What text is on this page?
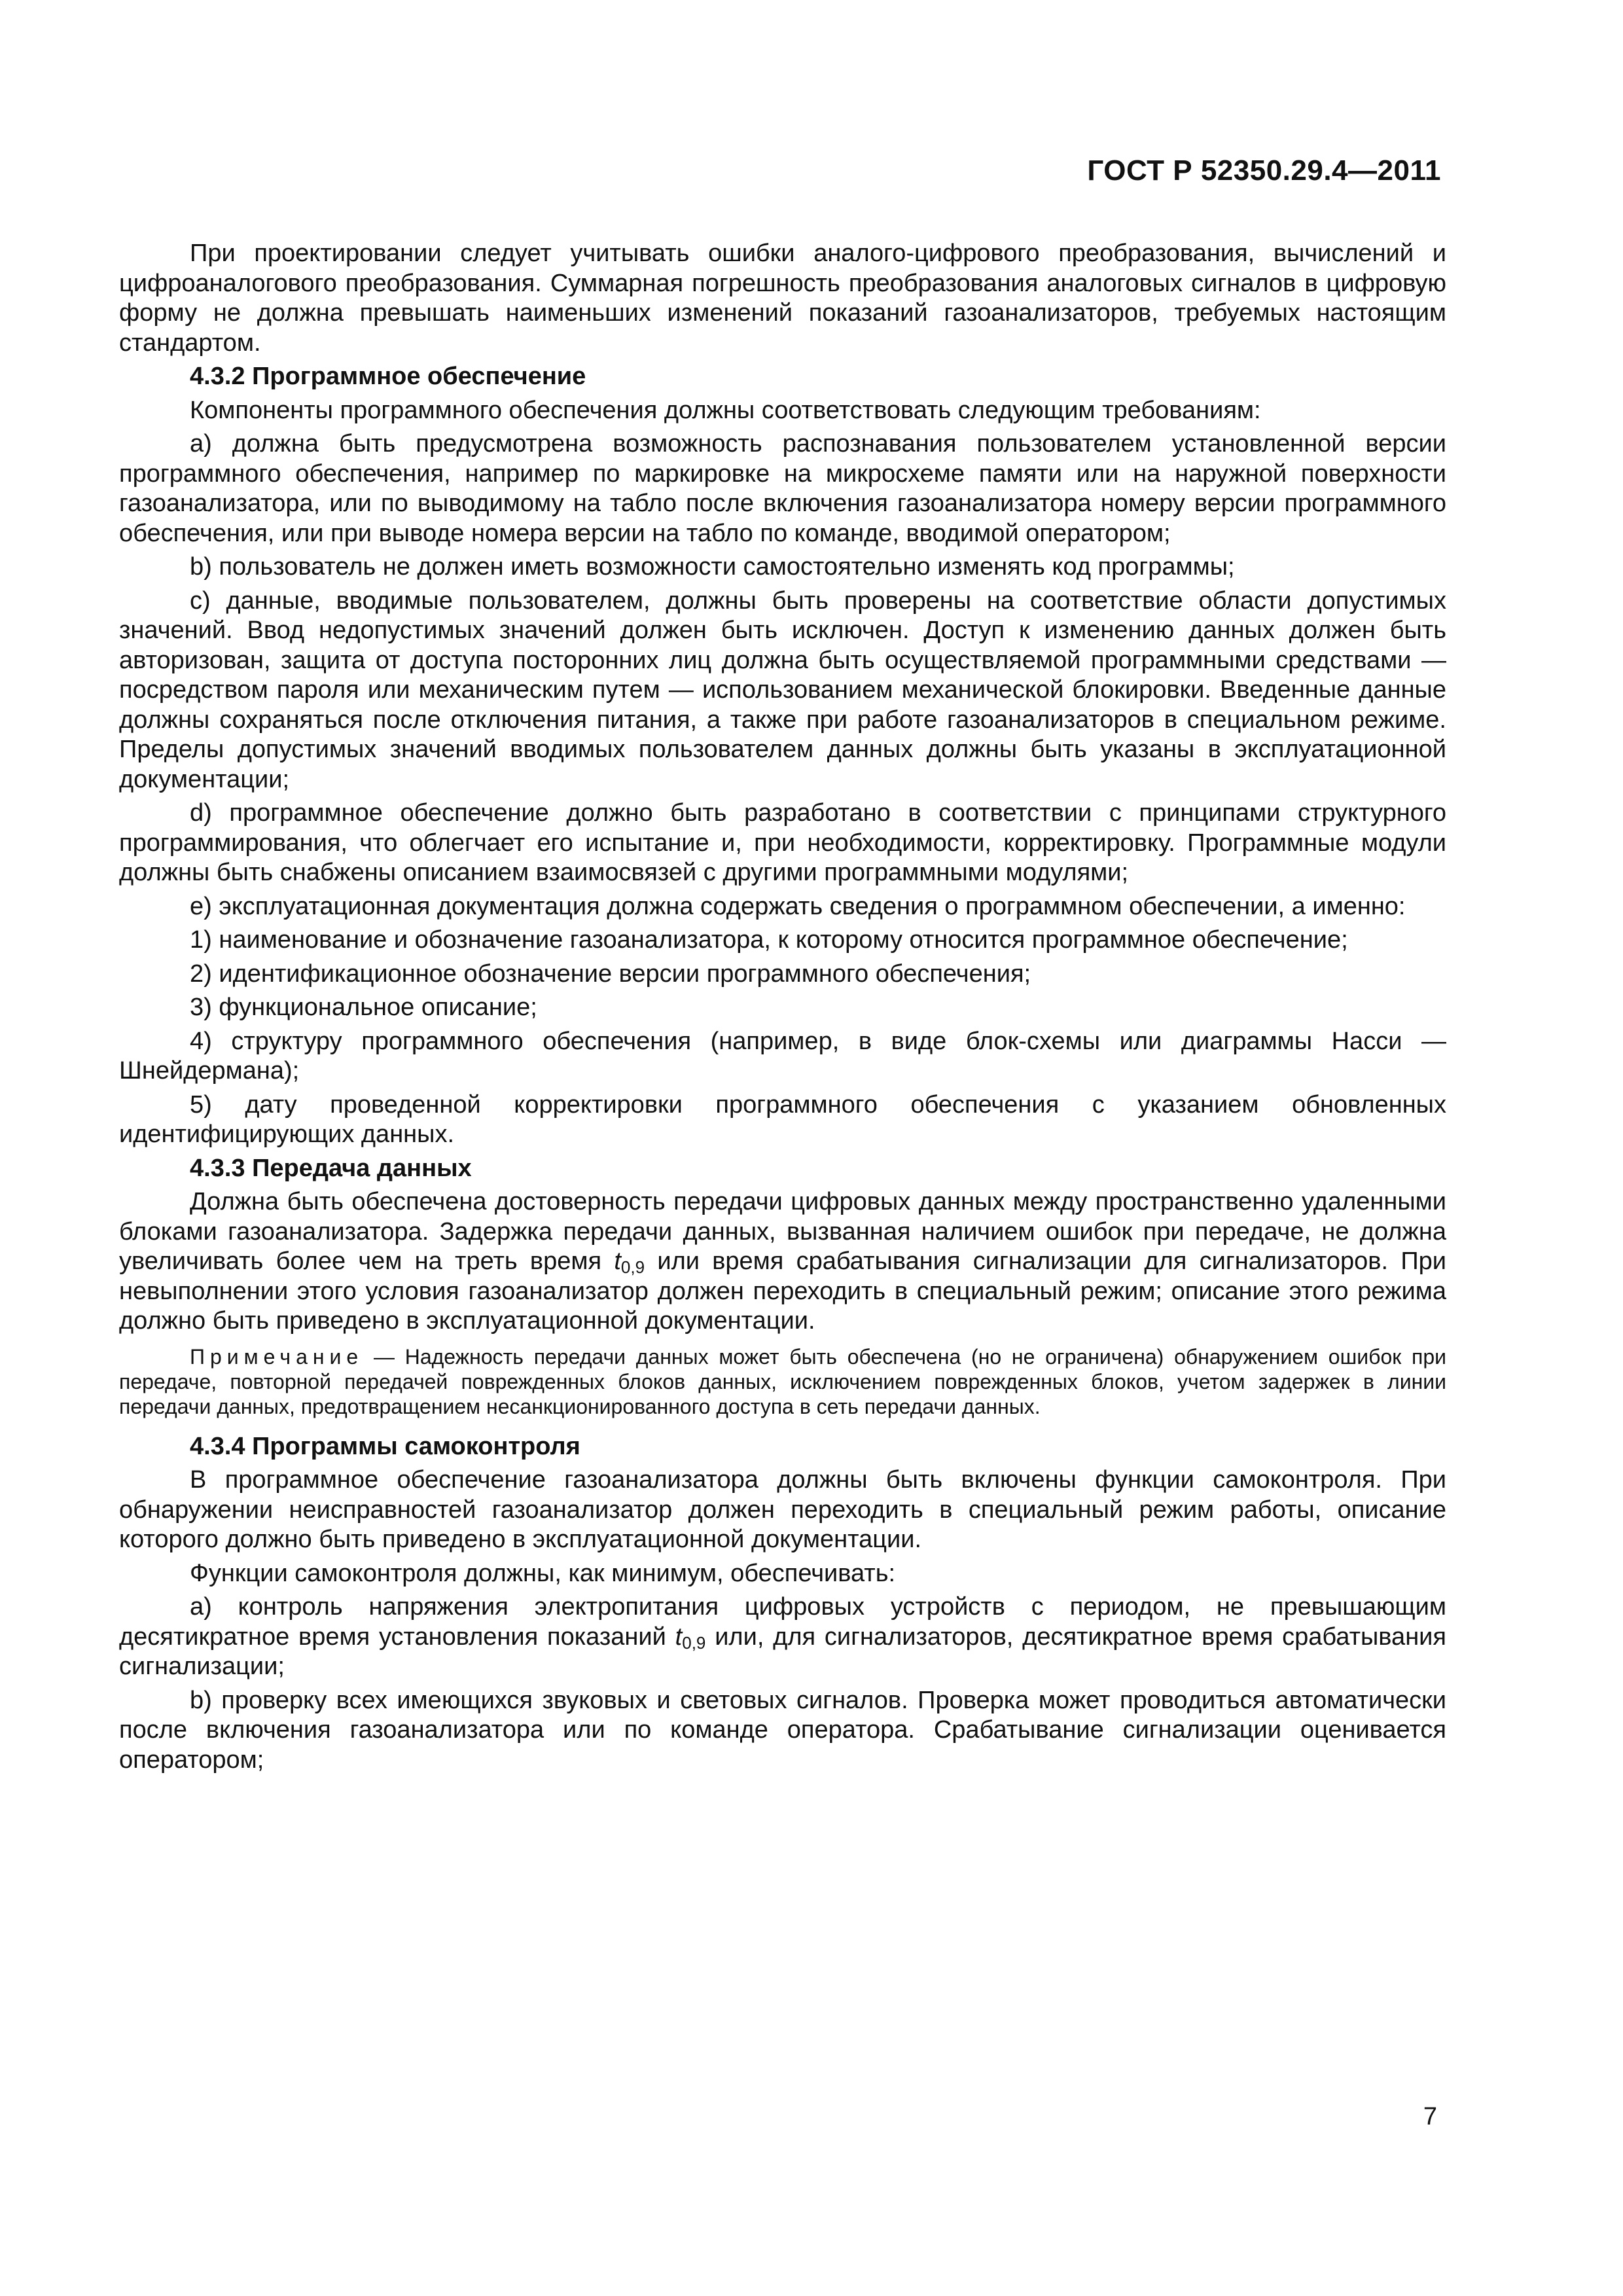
ГОСТ Р 52350.29.4—2011

При проектировании следует учитывать ошибки аналого-цифрового преобразования, вычислений и цифроаналогового преобразования. Суммарная погрешность преобразования аналоговых сигналов в цифровую форму не должна превышать наименьших изменений показаний газоанализаторов, требуемых настоящим стандартом.

4.3.2 Программное обеспечение

Компоненты программного обеспечения должны соответствовать следующим требованиям:

a) должна быть предусмотрена возможность распознавания пользователем установленной версии программного обеспечения, например по маркировке на микросхеме памяти или на наружной поверхности газоанализатора, или по выводимому на табло после включения газоанализатора номеру версии программного обеспечения, или при выводе номера версии на табло по команде, вводимой оператором;

b) пользователь не должен иметь возможности самостоятельно изменять код программы;

c) данные, вводимые пользователем, должны быть проверены на соответствие области допустимых значений. Ввод недопустимых значений должен быть исключен. Доступ к изменению данных должен быть авторизован, защита от доступа посторонних лиц должна быть осуществляемой программными средствами — посредством пароля или механическим путем — использованием механической блокировки. Введенные данные должны сохраняться после отключения питания, а также при работе газоанализаторов в специальном режиме. Пределы допустимых значений вводимых пользователем данных должны быть указаны в эксплуатационной документации;

d) программное обеспечение должно быть разработано в соответствии с принципами структурного программирования, что облегчает его испытание и, при необходимости, корректировку. Программные модули должны быть снабжены описанием взаимосвязей с другими программными модулями;

e) эксплуатационная документация должна содержать сведения о программном обеспечении, а именно:

1) наименование и обозначение газоанализатора, к которому относится программное обеспечение;

2) идентификационное обозначение версии программного обеспечения;

3) функциональное описание;

4) структуру программного обеспечения (например, в виде блок-схемы или диаграммы Насси — Шнейдермана);

5) дату проведенной корректировки программного обеспечения с указанием обновленных идентифицирующих данных.

4.3.3 Передача данных

Должна быть обеспечена достоверность передачи цифровых данных между пространственно удаленными блоками газоанализатора. Задержка передачи данных, вызванная наличием ошибок при передаче, не должна увеличивать более чем на треть время $t_{0,9}$ или время срабатывания сигнализации для сигнализаторов. При невыполнении этого условия газоанализатор должен переходить в специальный режим; описание этого режима должно быть приведено в эксплуатационной документации.

Примечание — Надежность передачи данных может быть обеспечена (но не ограничена) обнаружением ошибок при передаче, повторной передачей поврежденных блоков данных, исключением поврежденных блоков, учетом задержек в линии передачи данных, предотвращением несанкционированного доступа в сеть передачи данных.

4.3.4 Программы самоконтроля

В программное обеспечение газоанализатора должны быть включены функции самоконтроля. При обнаружении неисправностей газоанализатор должен переходить в специальный режим работы, описание которого должно быть приведено в эксплуатационной документации.

Функции самоконтроля должны, как минимум, обеспечивать:

a) контроль напряжения электропитания цифровых устройств с периодом, не превышающим десятикратное время установления показаний $t_{0,9}$ или, для сигнализаторов, десятикратное время срабатывания сигнализации;

b) проверку всех имеющихся звуковых и световых сигналов. Проверка может проводиться автоматически после включения газоанализатора или по команде оператора. Срабатывание сигнализации оценивается оператором;

7
